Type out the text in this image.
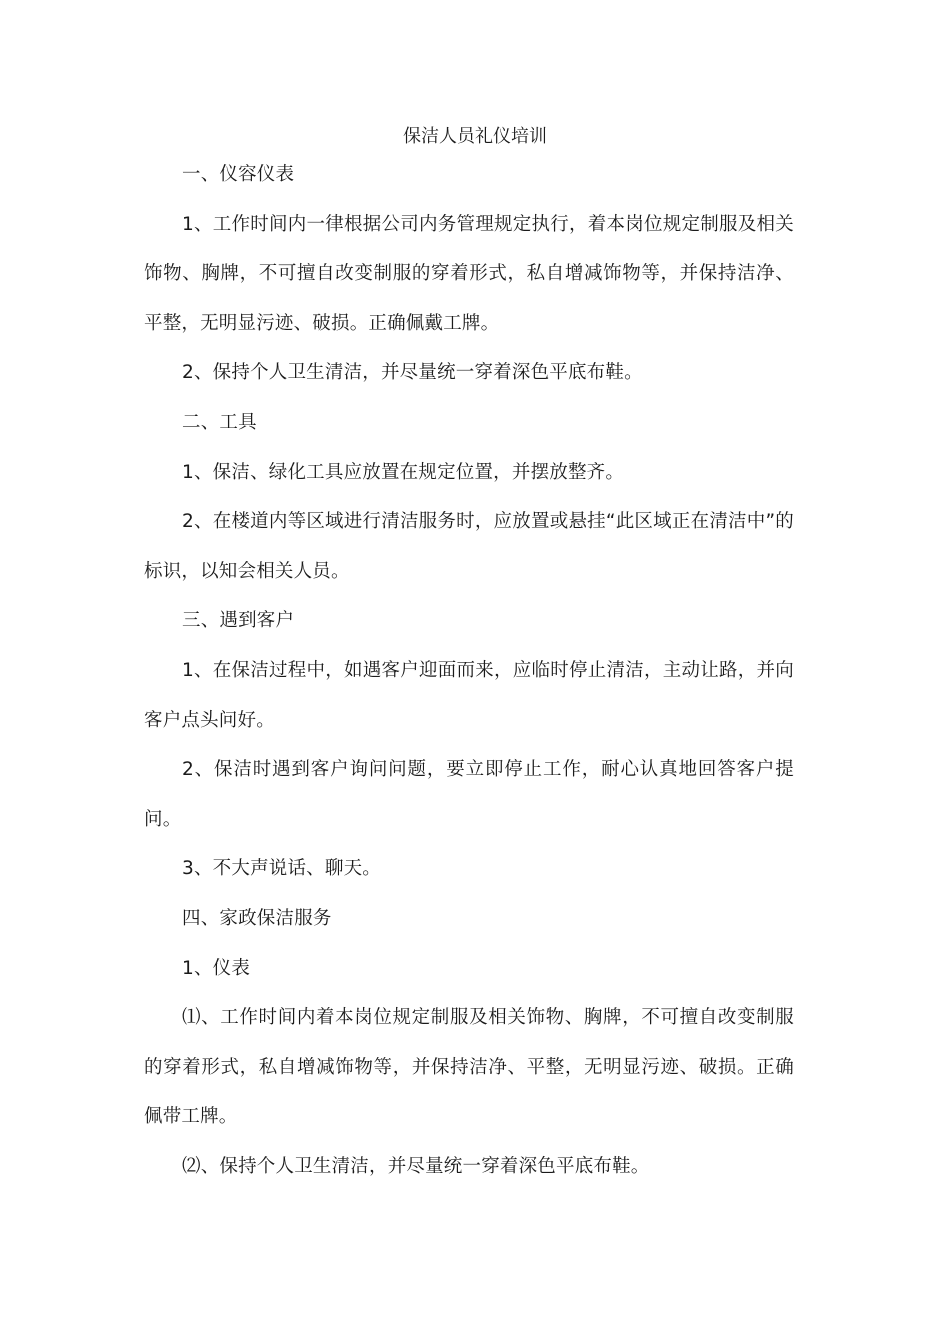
保洁人员礼仪培训

一、仪容仪表

1、工作时间内一律根据公司内务管理规定执行，着本岗位规定制服及相关饰物、胸牌，不可擅自改变制服的穿着形式，私自增减饰物等，并保持洁净、平整，无明显污迹、破损。正确佩戴工牌。

2、保持个人卫生清洁，并尽量统一穿着深色平底布鞋。

二、工具

1、保洁、绿化工具应放置在规定位置，并摆放整齐。

2、在楼道内等区域进行清洁服务时，应放置或悬挂“此区域正在清洁中”的标识，以知会相关人员。

三、遇到客户

1、在保洁过程中，如遇客户迎面而来，应临时停止清洁，主动让路，并向客户点头问好。

2、保洁时遇到客户询问问题，要立即停止工作，耐心认真地回答客户提问。

3、不大声说话、聊天。

四、家政保洁服务

1、仪表

⑴、工作时间内着本岗位规定制服及相关饰物、胸牌，不可擅自改变制服的穿着形式，私自增减饰物等，并保持洁净、平整，无明显污迹、破损。正确佩带工牌。

⑵、保持个人卫生清洁，并尽量统一穿着深色平底布鞋。
